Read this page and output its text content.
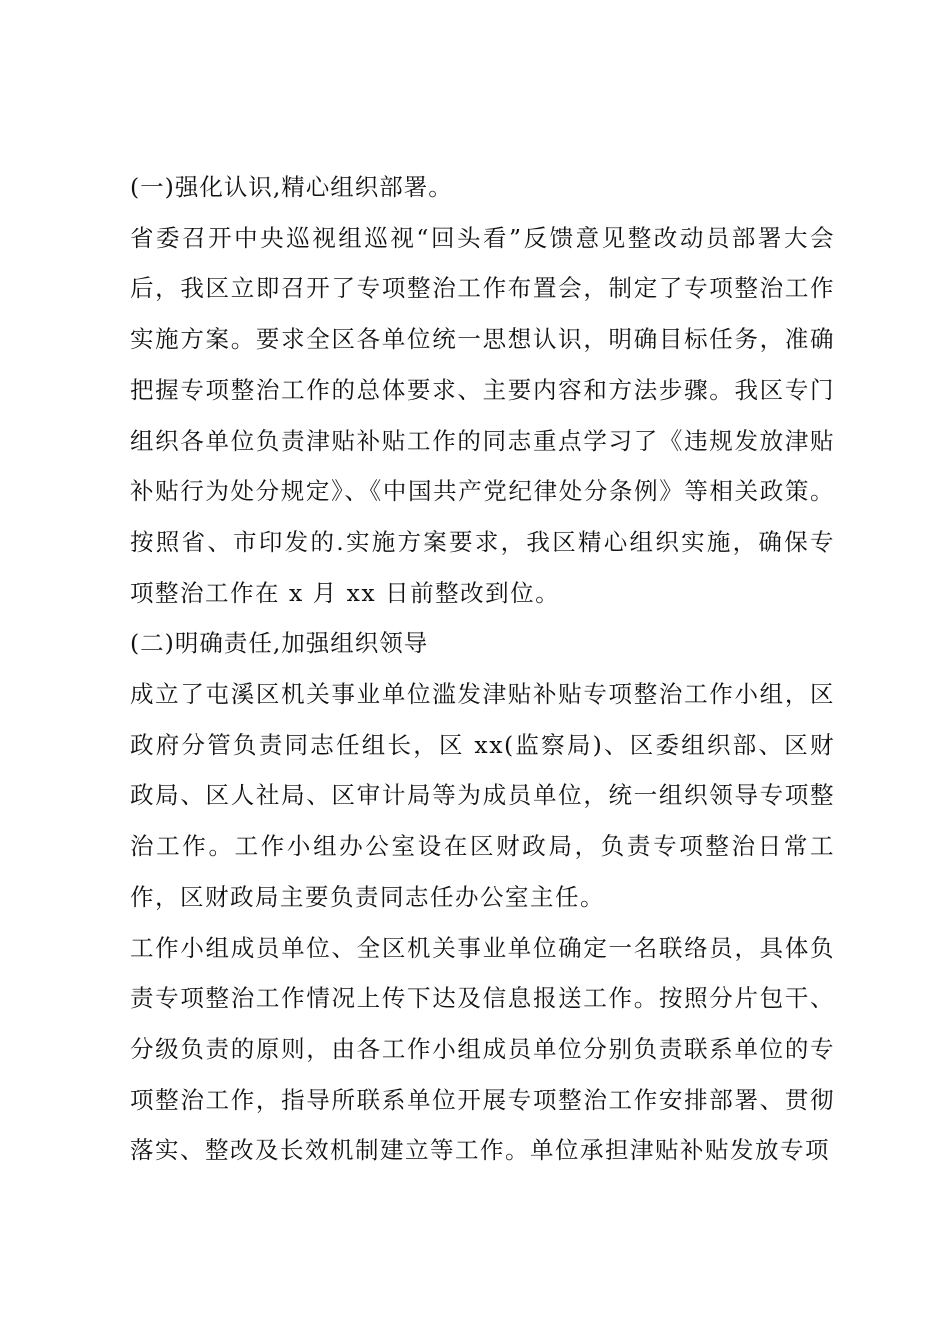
(一)强化认识,精心组织部署。

省委召开中央巡视组巡视“回头看”反馈意见整改动员部署大会后，我区立即召开了专项整治工作布置会，制定了专项整治工作实施方案。要求全区各单位统一思想认识，明确目标任务，准确把握专项整治工作的总体要求、主要内容和方法步骤。我区专门组织各单位负责津贴补贴工作的同志重点学习了《违规发放津贴补贴行为处分规定》、《中国共产党纪律处分条例》等相关政策。按照省、市印发的.实施方案要求，我区精心组织实施，确保专项整治工作在 x 月 xx 日前整改到位。

(二)明确责任,加强组织领导

成立了屯溪区机关事业单位滥发津贴补贴专项整治工作小组，区政府分管负责同志任组长，区 xx(监察局)、区委组织部、区财政局、区人社局、区审计局等为成员单位，统一组织领导专项整治工作。工作小组办公室设在区财政局，负责专项整治日常工作，区财政局主要负责同志任办公室主任。

工作小组成员单位、全区机关事业单位确定一名联络员，具体负责专项整治工作情况上传下达及信息报送工作。按照分片包干、分级负责的原则，由各工作小组成员单位分别负责联系单位的专项整治工作，指导所联系单位开展专项整治工作安排部署、贯彻落实、整改及长效机制建立等工作。单位承担津贴补贴发放专项
